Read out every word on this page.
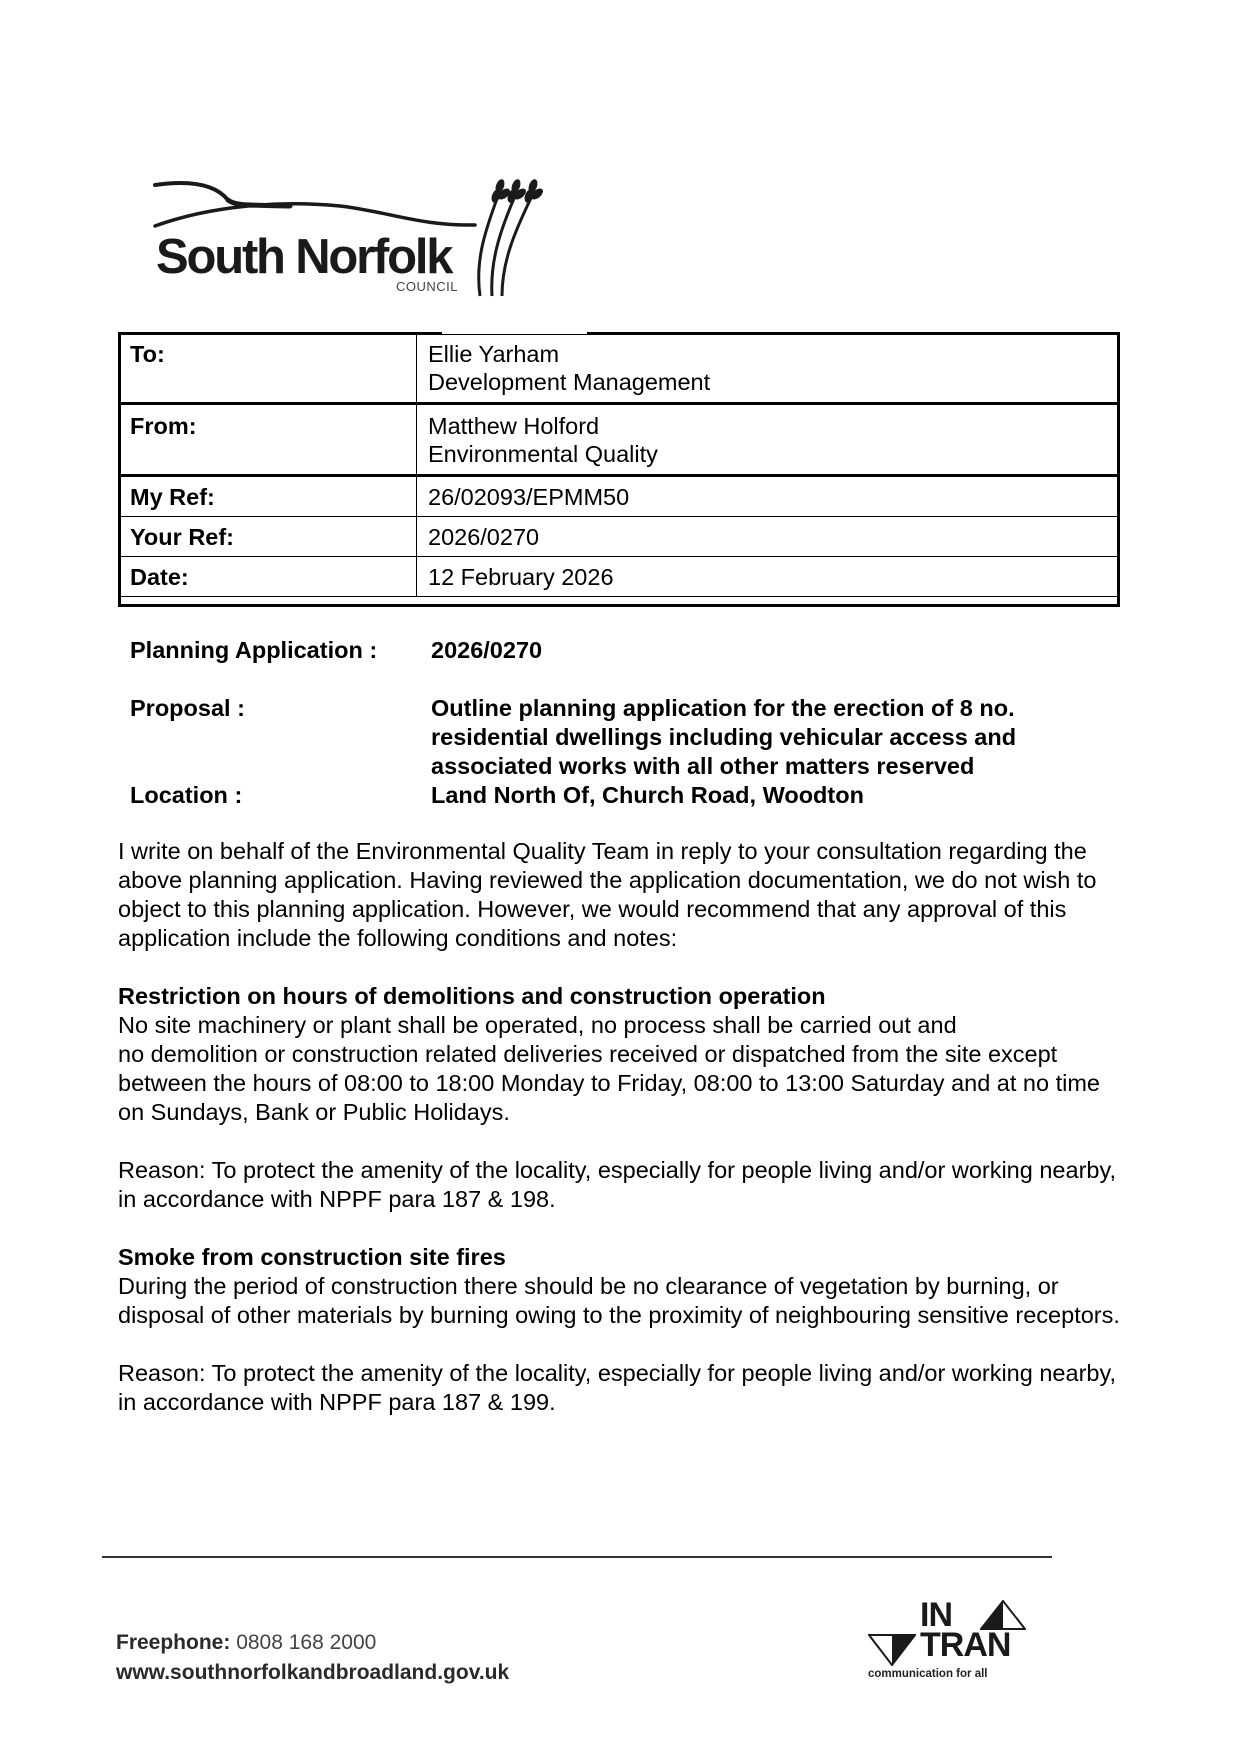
South Norfolk
COUNCIL
To:	Ellie Yarham
Development Management

From:	Matthew Holford
Environmental Quality

My Ref:	26/02093/EPMM50
Your Ref:	2026/0270
Date:	12 February 2026
Planning Application :	2026/0270
Proposal :	Outline planning application for the erection of 8 no. residential dwellings including vehicular access and associated works with all other matters reserved
Location :	Land North Of, Church Road, Woodton

I write on behalf of the Environmental Quality Team in reply to your consultation regarding the above planning application. Having reviewed the application documentation, we do not wish to object to this planning application. However, we would recommend that any approval of this application include the following conditions and notes:

Restriction on hours of demolitions and construction operation
No site machinery or plant shall be operated, no process shall be carried out and
no demolition or construction related deliveries received or dispatched from the site except between the hours of 08:00 to 18:00 Monday to Friday, 08:00 to 13:00 Saturday and at no time on Sundays, Bank or Public Holidays.

Reason: To protect the amenity of the locality, especially for people living and/or working nearby, in accordance with NPPF para 187 & 198.

Smoke from construction site fires
During the period of construction there should be no clearance of vegetation by burning, or disposal of other materials by burning owing to the proximity of neighbouring sensitive receptors.

Reason: To protect the amenity of the locality, especially for people living and/or working nearby, in accordance with NPPF para 187 & 199.

Freephone: 0808 168 2000
www.southnorfolkandbroadland.gov.uk
IN
TRAN
communication for all
